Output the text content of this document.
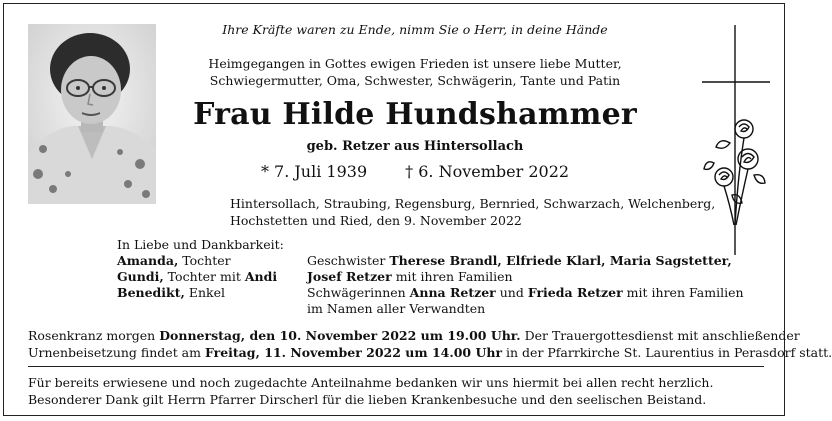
Ihre Kräfte waren zu Ende, nimm Sie o Herr, in deine Hände
Heimgegangen in Gottes ewigen Frieden ist unsere liebe Mutter,
Schwiegermutter, Oma, Schwester, Schwägerin, Tante und Patin
Frau Hilde Hundshammer
geb. Retzer aus Hintersollach
* 7. Juli 1939 † 6. November 2022
Hintersollach, Straubing, Regensburg, Bernried, Schwarzach, Welchenberg,
Hochstetten und Ried, den 9. November 2022
In Liebe und Dankbarkeit:
Amanda, Tochter
Gundi, Tochter mit Andi
Benedikt, Enkel
Geschwister Therese Brandl, Elfriede Klarl, Maria Sagstetter,
Josef Retzer mit ihren Familien
Schwägerinnen Anna Retzer und Frieda Retzer mit ihren Familien
im Namen aller Verwandten
Rosenkranz morgen Donnerstag, den 10. November 2022 um 19.00 Uhr. Der Trauergottesdienst mit anschließender
Urnenbeisetzung findet am Freitag, 11. November 2022 um 14.00 Uhr in der Pfarrkirche St. Laurentius in Perasdorf statt.
Für bereits erwiesene und noch zugedachte Anteilnahme bedanken wir uns hiermit bei allen recht herzlich.
Besonderer Dank gilt Herrn Pfarrer Dirscherl für die lieben Krankenbesuche und den seelischen Beistand.
